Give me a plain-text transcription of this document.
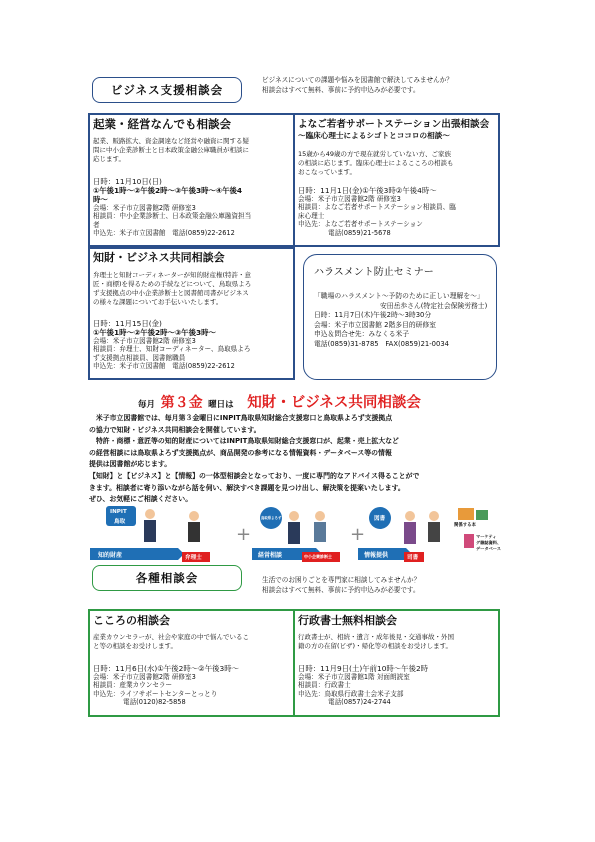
ビジネス支援相談会
ビジネスについての課題や悩みを図書館で解決してみませんか？
相談会はすべて無料、事前に予約申込みが必要です。
起業・経営なんでも相談会
起業、販路拡大、資金調達など経営や融資に関する疑
問に中小企業診断士と日本政策金融公庫職員が相談に
応じます。
日時：11月10日(日)
①午後1時～②午後2時～③午後3時～④午後4
時～
会場：米子市立図書館2階 研修室3
相談員：中小企業診断士、日本政策金融公庫融資担当
者
申込先：米子市立図書館　電話(0859)22-2612
よなご若者サポートステーション出張相談会
～臨床心理士によるシゴトとココロの相談～
15歳から49歳の方で現在就労していない方、ご家族
の相談に応じます。臨床心理士によるこころの相談も
おこなっています。
日時：11月1日(金)①午後3時②午後4時～
会場：米子市立図書館2階 研修室3
相談員：よなご若者サポートステーション相談員、臨
床心理士
申込先：よなご若者サポートステーション
電話(0859)21-5678
知財・ビジネス共同相談会
弁理士と知財コーディネーターが知的財産権(特許・意
匠・商標)を得るための手続などについて、鳥取県よろ
ず支援拠点の中小企業診断士と図書館司書がビジネス
の様々な課題についてお手伝いいたします。
日時：11月15日(金)
①午後1時～②午後2時～③午後3時～
会場：米子市立図書館2階 研修室3
相談員：弁理士、知財コーディネーター、鳥取県よろ
ず支援拠点相談員、図書館職員
申込先：米子市立図書館　電話(0859)22-2612
ハラスメント防止セミナー
「職場のハラスメント～予防のために正しい理解を～」
安田岳歩さん(特定社会保険労務士)
日時：11月7日(木)午後2時～3時30分
会場：米子市立図書館 2階多目的研修室
申込＆問合せ先：みなくる米子
電話(0859)31-8785　FAX(0859)21-0034
毎月 第３金 曜日は 知財・ビジネス共同相談会
　米子市立図書館では、毎月第３金曜日にINPIT鳥取県知財総合支援窓口と鳥取県よろず支援拠点
の協力で知財・ビジネス共同相談会を開催しています。
　特許・商標・意匠等の知的財産についてはINPIT鳥取県知財総合支援窓口が、起業・売上拡大など
の経営相談には鳥取県よろず支援拠点が、商品開発の参考になる情報資料・データベース等の情報
提供は図書館が応じます。
【知財】と【ビジネス】と【情報】の一体型相談会となっており、一度に専門的なアドバイス得ることがで
きます。相談者に寄り添いながら話を伺い、解決すべき課題を見つけ出し、解決策を提案いたします。
ぜひ、お気軽にご相談ください。
+	+
INPIT
鳥取
知的財産	弁理士
鳥取県よろず
経営相談	中小企業診断士
図書
情報提供	司書
関係する本
マーケティ
グ雑誌資料、
データベース
各種相談会	生活でのお困りごとを専門家に相談してみませんか？
相談会はすべて無料、事前に予約申込みが必要です。
こころの相談会
産業カウンセラーが、社会や家庭の中で悩んでいるこ
と等の相談をお受けします。
日時：11月6日(水)①午後2時～②午後3時～
会場：米子市立図書館2階 研修室3
相談員：産業カウンセラー
申込先：ライフサポートセンターとっとり
電話(0120)82-5858
行政書士無料相談会
行政書士が、相続・遺言・成年後見・交通事故・外国
籍の方の在留(ビザ)・帰化等の相談をお受けします。
日時：11月9日(土)午前10時～午後2時
会場：米子市立図書館1階 対面朗読室
相談員：行政書士
申込先：鳥取県行政書士会米子支部
電話(0857)24-2744
